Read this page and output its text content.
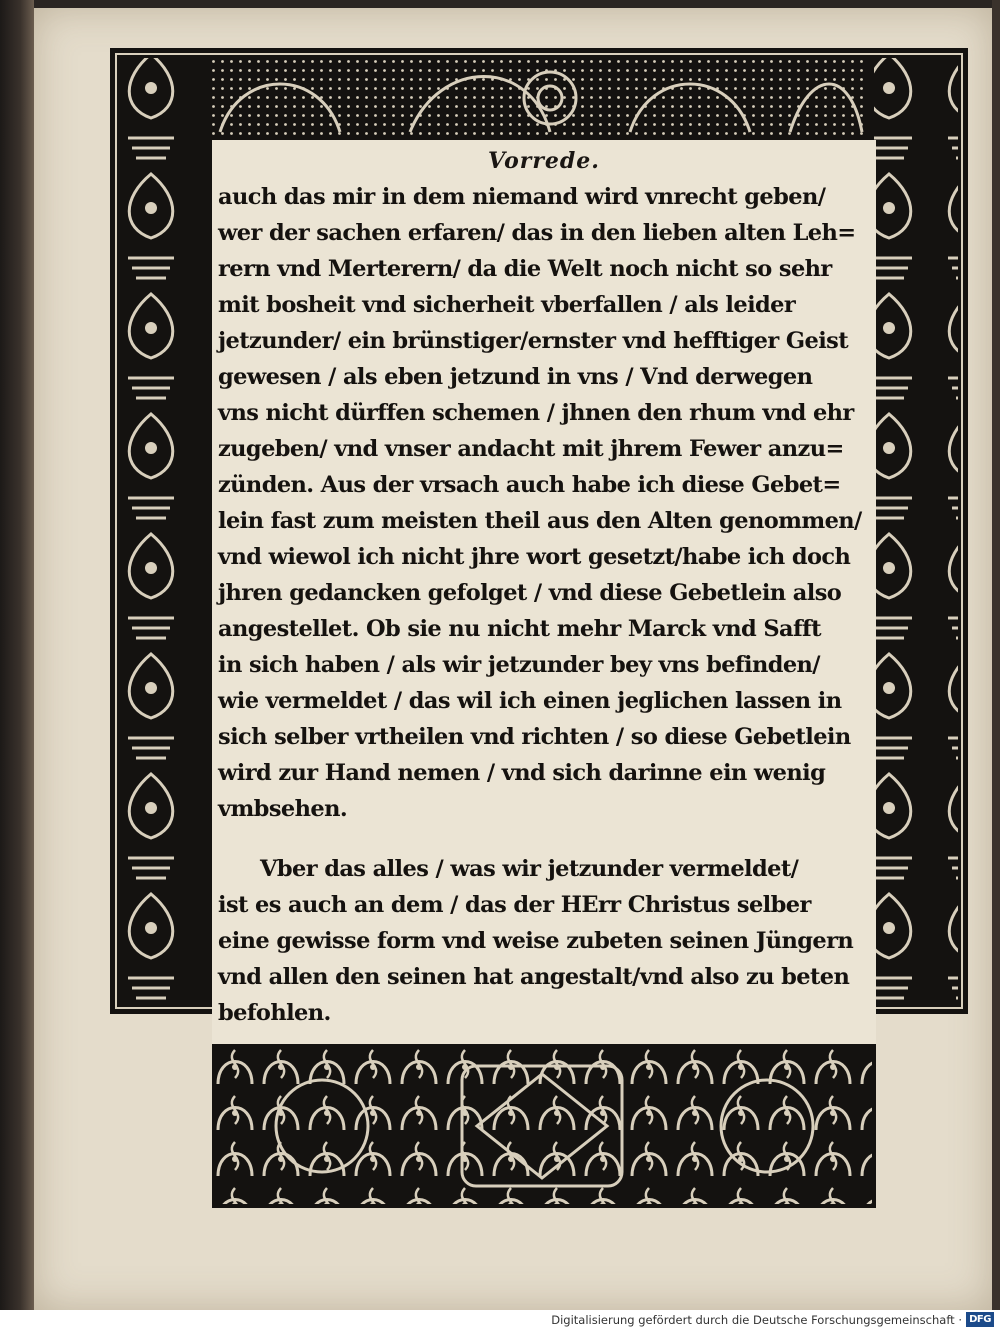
Vorrede.
auch das mir in dem niemand wird vnrecht geben/
wer der sachen erfaren/ das in den lieben alten Leh=
rern vnd Merterern/ da die Welt noch nicht so sehr
mit bosheit vnd sicherheit vberfallen / als leider
jetzunder/ ein brünstiger/ernster vnd hefftiger Geist
gewesen / als eben jetzund in vns / Vnd derwegen
vns nicht dürffen schemen / jhnen den rhum vnd ehr
zugeben/ vnd vnser andacht mit jhrem Fewer anzu=
zünden. Aus der vrsach auch habe ich diese Gebet=
lein fast zum meisten theil aus den Alten genommen/
vnd wiewol ich nicht jhre wort gesetzt/habe ich doch
jhren gedancken gefolget / vnd diese Gebetlein also
angestellet. Ob sie nu nicht mehr Marck vnd Safft
in sich haben / als wir jetzunder bey vns befinden/
wie vermeldet / das wil ich einen jeglichen lassen in
sich selber vrtheilen vnd richten / so diese Gebetlein
wird zur Hand nemen / vnd sich darinne ein wenig
vmbsehen.
Vber das alles / was wir jetzunder vermeldet/
ist es auch an dem / das der HErr Christus selber
eine gewisse form vnd weise zubeten seinen Jüngern
vnd allen den seinen hat angestalt/vnd also zu beten
befohlen.
Digitalisierung gefördert durch die Deutsche Forschungsgemeinschaft · DFG
